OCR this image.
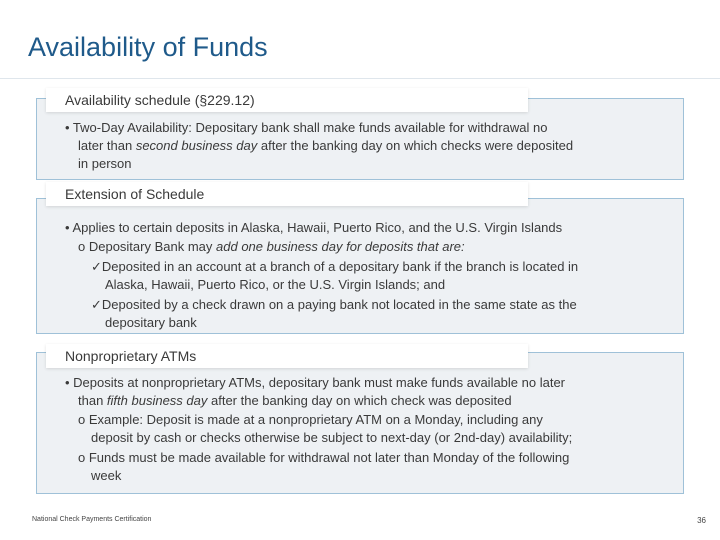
Availability of Funds
Availability schedule (§229.12)
• Two-Day Availability: Depositary bank shall make funds available for withdrawal no
later than second business day after the banking day on which checks were deposited
in person
Extension of Schedule
• Applies to certain deposits in Alaska, Hawaii, Puerto Rico, and the U.S. Virgin Islands
o Depositary Bank may add one business day for deposits that are:
✓Deposited in an account at a branch of a depositary bank if the branch is located in
Alaska, Hawaii, Puerto Rico, or the U.S. Virgin Islands; and
✓Deposited by a check drawn on a paying bank not located in the same state as the
depositary bank
Nonproprietary ATMs
• Deposits at nonproprietary ATMs, depositary bank must make funds available no later
than fifth business day after the banking day on which check was deposited
o Example: Deposit is made at a nonproprietary ATM on a Monday, including any
deposit by cash or checks otherwise be subject to next-day (or 2nd-day) availability;
o Funds must be made available for withdrawal not later than Monday of the following
week
National Check Payments Certification	36
